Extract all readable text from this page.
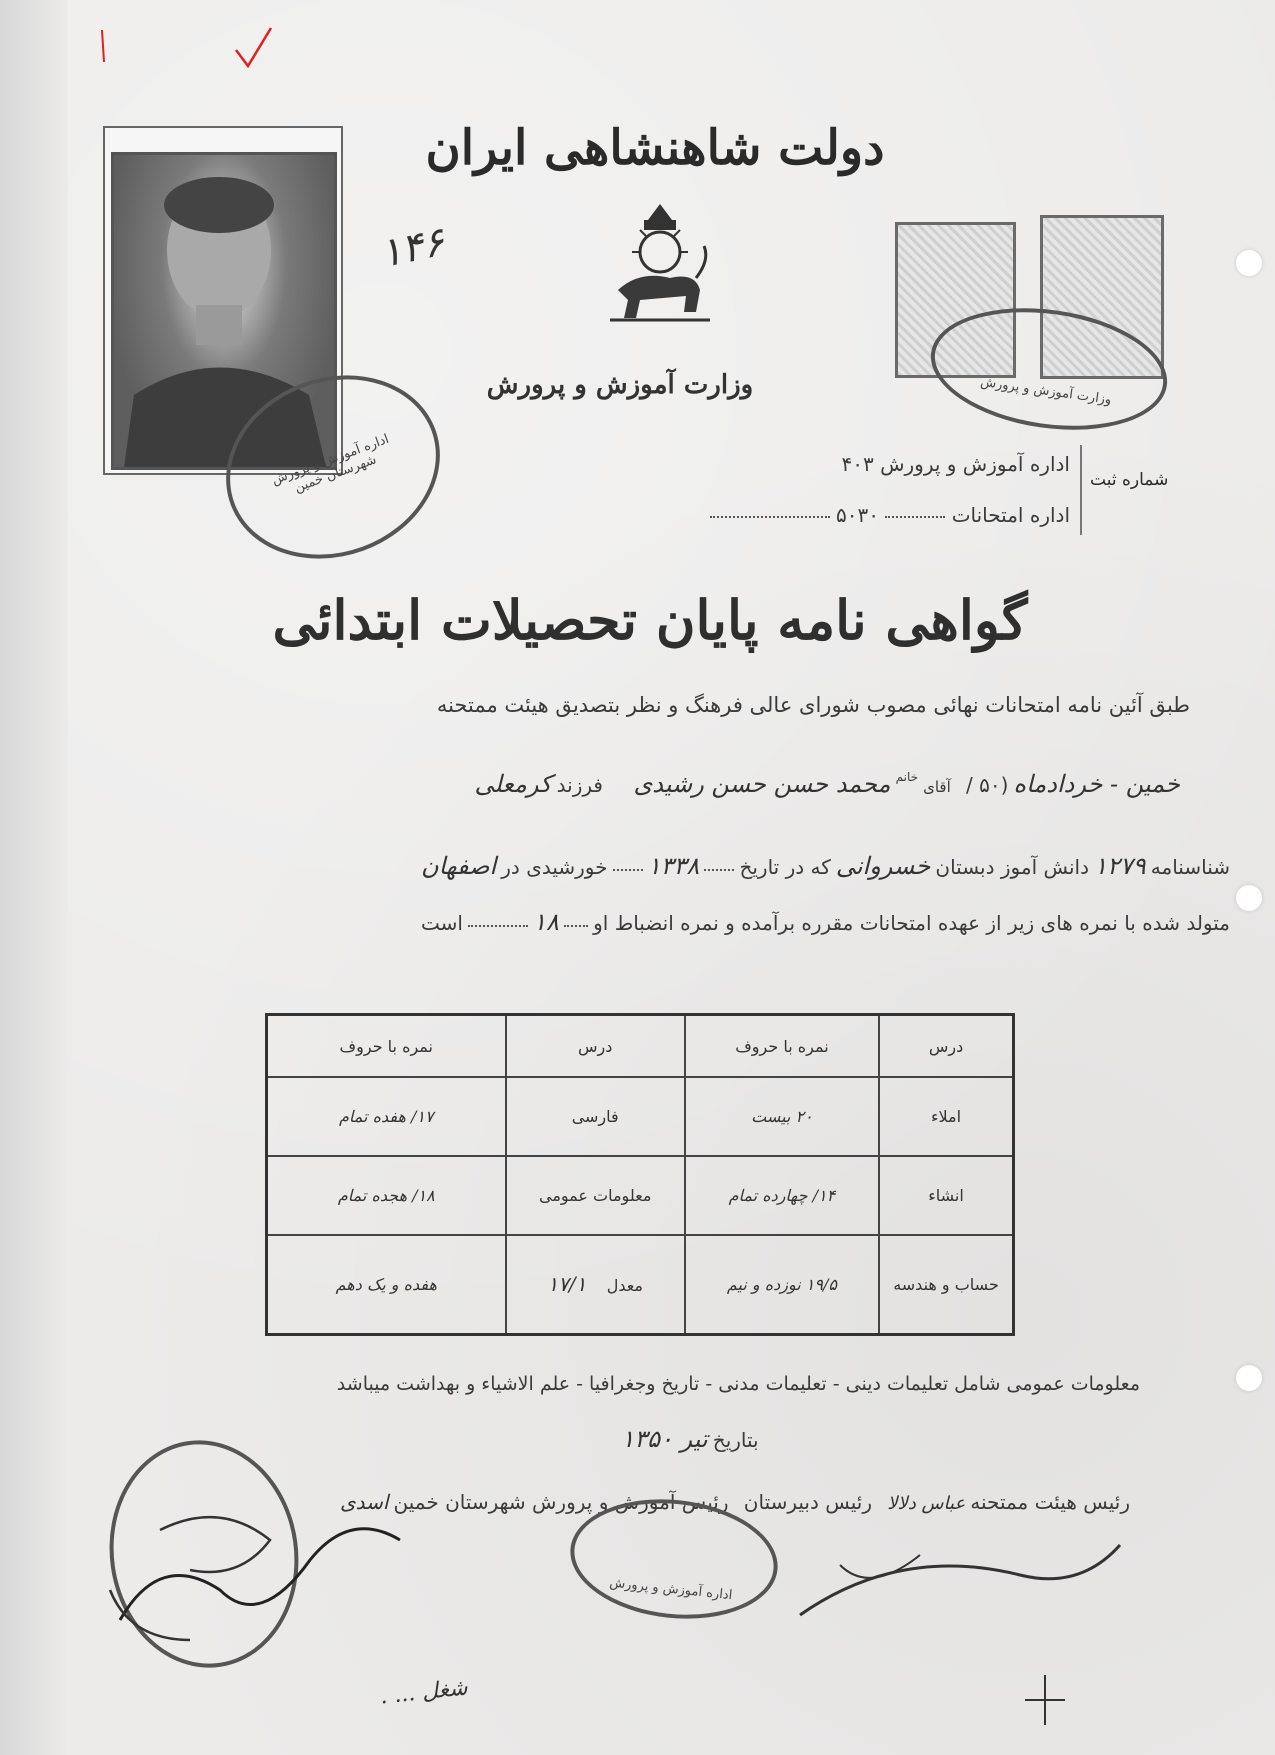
اداره آموزش و پرورش شهرستان خمین
۱۴۶
دولت شاهنشاهی ایران
وزارت آموزش و پرورش	وزارت آموزش و پرورش
شماره ثبت
اداره آموزش و پرورش ۴۰۳
اداره امتحانات  ۵۰۳۰
گواهی نامه پایان تحصیلات ابتدائی
طبق آئین نامه امتحانات نهائی مصوب شورای عالی فرهنگ و نظر بتصدیق هیئت ممتحنه
خمین - خردادماه (۵۰ /   آقای $^{خانم}$ محمد حسن حسن رشیدی      فرزند کرمعلی
شناسنامه ۱۲۷۹ دانش آموز دبستان خسروانی که در تاریخ  ۱۳۳۸  خورشیدی در اصفهان
متولد شده با نمره های زیر از عهده امتحانات مقرره برآمده و نمره انضباط او  ۱۸  است
درس	نمره با حروف	درس	نمره با حروف
املاء	۲۰ بیست	فارسی	۱۷/ هفده تمام
انشاء	۱۴/ چهارده تمام	معلومات عمومی	۱۸/ هجده تمام
حساب و هندسه	۱۹/۵ نوزده و نیم	معدل    ۱۷/۱	هفده و یک دهم
معلومات عمومی شامل تعلیمات دینی - تعلیمات مدنی - تاریخ وجغرافیا - علم الاشیاء و بهداشت میباشد
بتاریخ تیر ۱۳۵۰
رئیس هیئت ممتحنه عباس دلالا   رئیس دبیرستان   رئیس آموزش و پرورش شهرستان خمین اسدی
اداره آموزش و پرورش
شغل ... .
